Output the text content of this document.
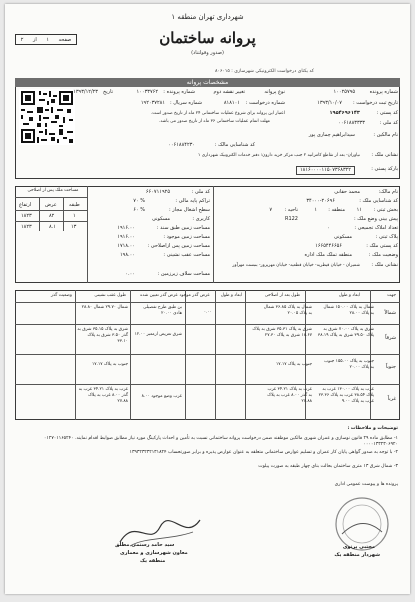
شهرداری تهران منطقه ۱
پروانه ساختمان
(صدور وقولتناد)
صفحه
۱
از
۲
کد یکتای درخواست الکترونیکی شهرسازی : ۸۰۶۰۱۵
مشخصات پروانه
شماره پرونده
۱۰۰۲۵۷۹۵
نوع پروانه
تغییر نقشه دوم
شماره پرونده :
۱۰۰۳۳۷۶۲
تاریخ
۱۳۹۳/۱۲/۲۳
تاریخ ثبت درخواست :
۱۳۹۳/۱۰/۰۷
شماره درخواست :
۸۱۸۱۰۱
شماره سریال :
۱۹۲۰۳۷۲۸۱
کد پستی :
۱۹۵۴۶۹۶۱۴۳
اعتبار این پروانه برای شروع عملیات ساختمانی ۲۴ ماه از تاریخ صدور است.
مهلت اتمام عملیات ساختمانی ۳۶ ماه از تاریخ صدور می باشد.	کد ملی :
۰۰۶۱۸۸۳۳۳۳
نام مالکین :
سیدابراهیم چماری پور
کد شناسایی مالک :
۰۰۶۱۸۸۴۲۳۰
نشانی ملک :
نیاوران- بعد از تقاطع کامرانیه ۲ جنب مرکز خرید دارون؛ دفتر خدمات الکترونیک شهرداری ۱
بارکد پستی :
۱۸۱۶۰۰۰۰۱۱۵۰۷۳۶۸۳۲۲
مساحت ملک پس از اصلاحی
طبقه
عرض
ارتفاع
۱
۸۲
۱۸۲۳
۱۳
۸.۱
۱۸۲۳
نام مالک:
محمد حقانی
کد شناسایی ملک :
۳۴۰۰۰-۲۰۶۹۶
بخش ثبتی :
۱۱
منطقه :
۱
ناحیه :
۷
پیش بینی وضع ملک :
R122
تعداد املاک تجمیعی :
۰
پلاک ثبتی :
مسکونی
کد پستی ملک :
۱۶۶۵۴۴۶۶۵۶
وضعیت ملک :
منطقه تملک ملک اداره
نشانی ملک :
شمیران - خیابان قیطریه- خیابان قطعیه- خیابان مهرپرور- بنبست مهرآور
کد ملی :
۶۶۰۷۱۱۹۲۵
تراکم پایه مالی :
% ۷۰
سطح اشغال مجاز :
% ۶۰
کاربری :
مسکونی
مساحت زمین طبق سند :
۱۹۱۶.۰۰
مساحت زمین موجود :
۱۹۱۶.۰۰
مساحت زمین پس ازاصلاحی :
۱۷۱۸.۰۰
مساحت عقب نشینی :
۱۹۸.۰۰
مساحت سلاف زیرزمین :
۰.۰۰
جهت
ابعاد و طول
طول بعد از اصلاحی
ابعاد و طول
عرض گذر موجود
عرض گذر تعیین شده
طول عقب نشینی
وضعیت گذر
شمالاً
شمال به پلاک ۱۵۰.۰۰ شمال
به پلاک ۲۸.۰۰
شمال به پلاک ۳۶.۸۵ شمال
به پلاک ۲۰.۰۵
۰.۰۰
بن طبق طرح تفصیلی
هادی ۲۰.۰۰
شمال ۲۹.۷۰ شمال ۲۸.۸۰
شرقاً
شرق به پلاک ۷۰.۰۰ شرق به
پلاک ۳۹.۵۰ شرق به پلاک ۳۸.۱۹
شرق به پلاک ۳۵.۳۱ شرق به پلاک
۱۸.۶۷ شرق به پلاک ۲۷.۳۰
شرق تعریض ازمعبر ۱۲.۰۰
شرق به پلاک ۳۵.۱۵ شرق به
گذر ۳.۵۰ شرق به پلاک
۳۳.۱۰
جنوباً
جنوب به پلاک ۱۵۵.۰۰ جنوب
به پلاک ۲۰.۰۰
جنوب به پلاک ۱۷.۱۷
جنوب به پلاک ۱۷.۱۷
غرباً
غرب به پلاک ۱۳۰.۰۰ غرب به
پلاک ۳۸.۵۴ غرب به پلاک ۲۳.۳۶
غرب به پلاک ۹.۰۰
غرب به پلاک ۳۴.۲۱ غرب
به گذر ۸.۰۰ غرب به پلاک
۲۷.۸۸
غرب وضع موجود ۸.۰۰
غرب به پلاک ۳۴.۲۱ غرب به
گذر ۸.۰۰ غرب به پلاک
۲۷.۸۸
توضیحات و ملاحظات :
۱- مطابق ماده ۲۹ قانون نوسازی و عمران شهری مالکین موظفند ضمن درخواست پروانه ساختمانی نسبت به تأمین و احداث پارکینگ مورد نیاز مطابق ضوابط اقدام نمایند. ۰۱۲۷۰۱۱۶۵۲۴۰ ۰۰۰۰۱۳۳۲۳۰۶۹۲۰
۲- با توجه به صدور گواهی پایان کار عمران و تسلیم عوارض ساختمانی متعلقه به عنوان عوارض پذیره و برابر صورتحساب ۱۳۹۳۲۳۲۳۲۱۳۱۸۲۴
۳- شمال شرق ۱۳ متری ساختمان بحالت بنای چهار طبقه به صورت پیلوت
پرونده ها و پیوست عمومی اداری
مجتبی پرتوی
شهردار منطقه یک
سید حامد رستمی مطلق
معاون شهرسازی و معماری
منطقه یک
